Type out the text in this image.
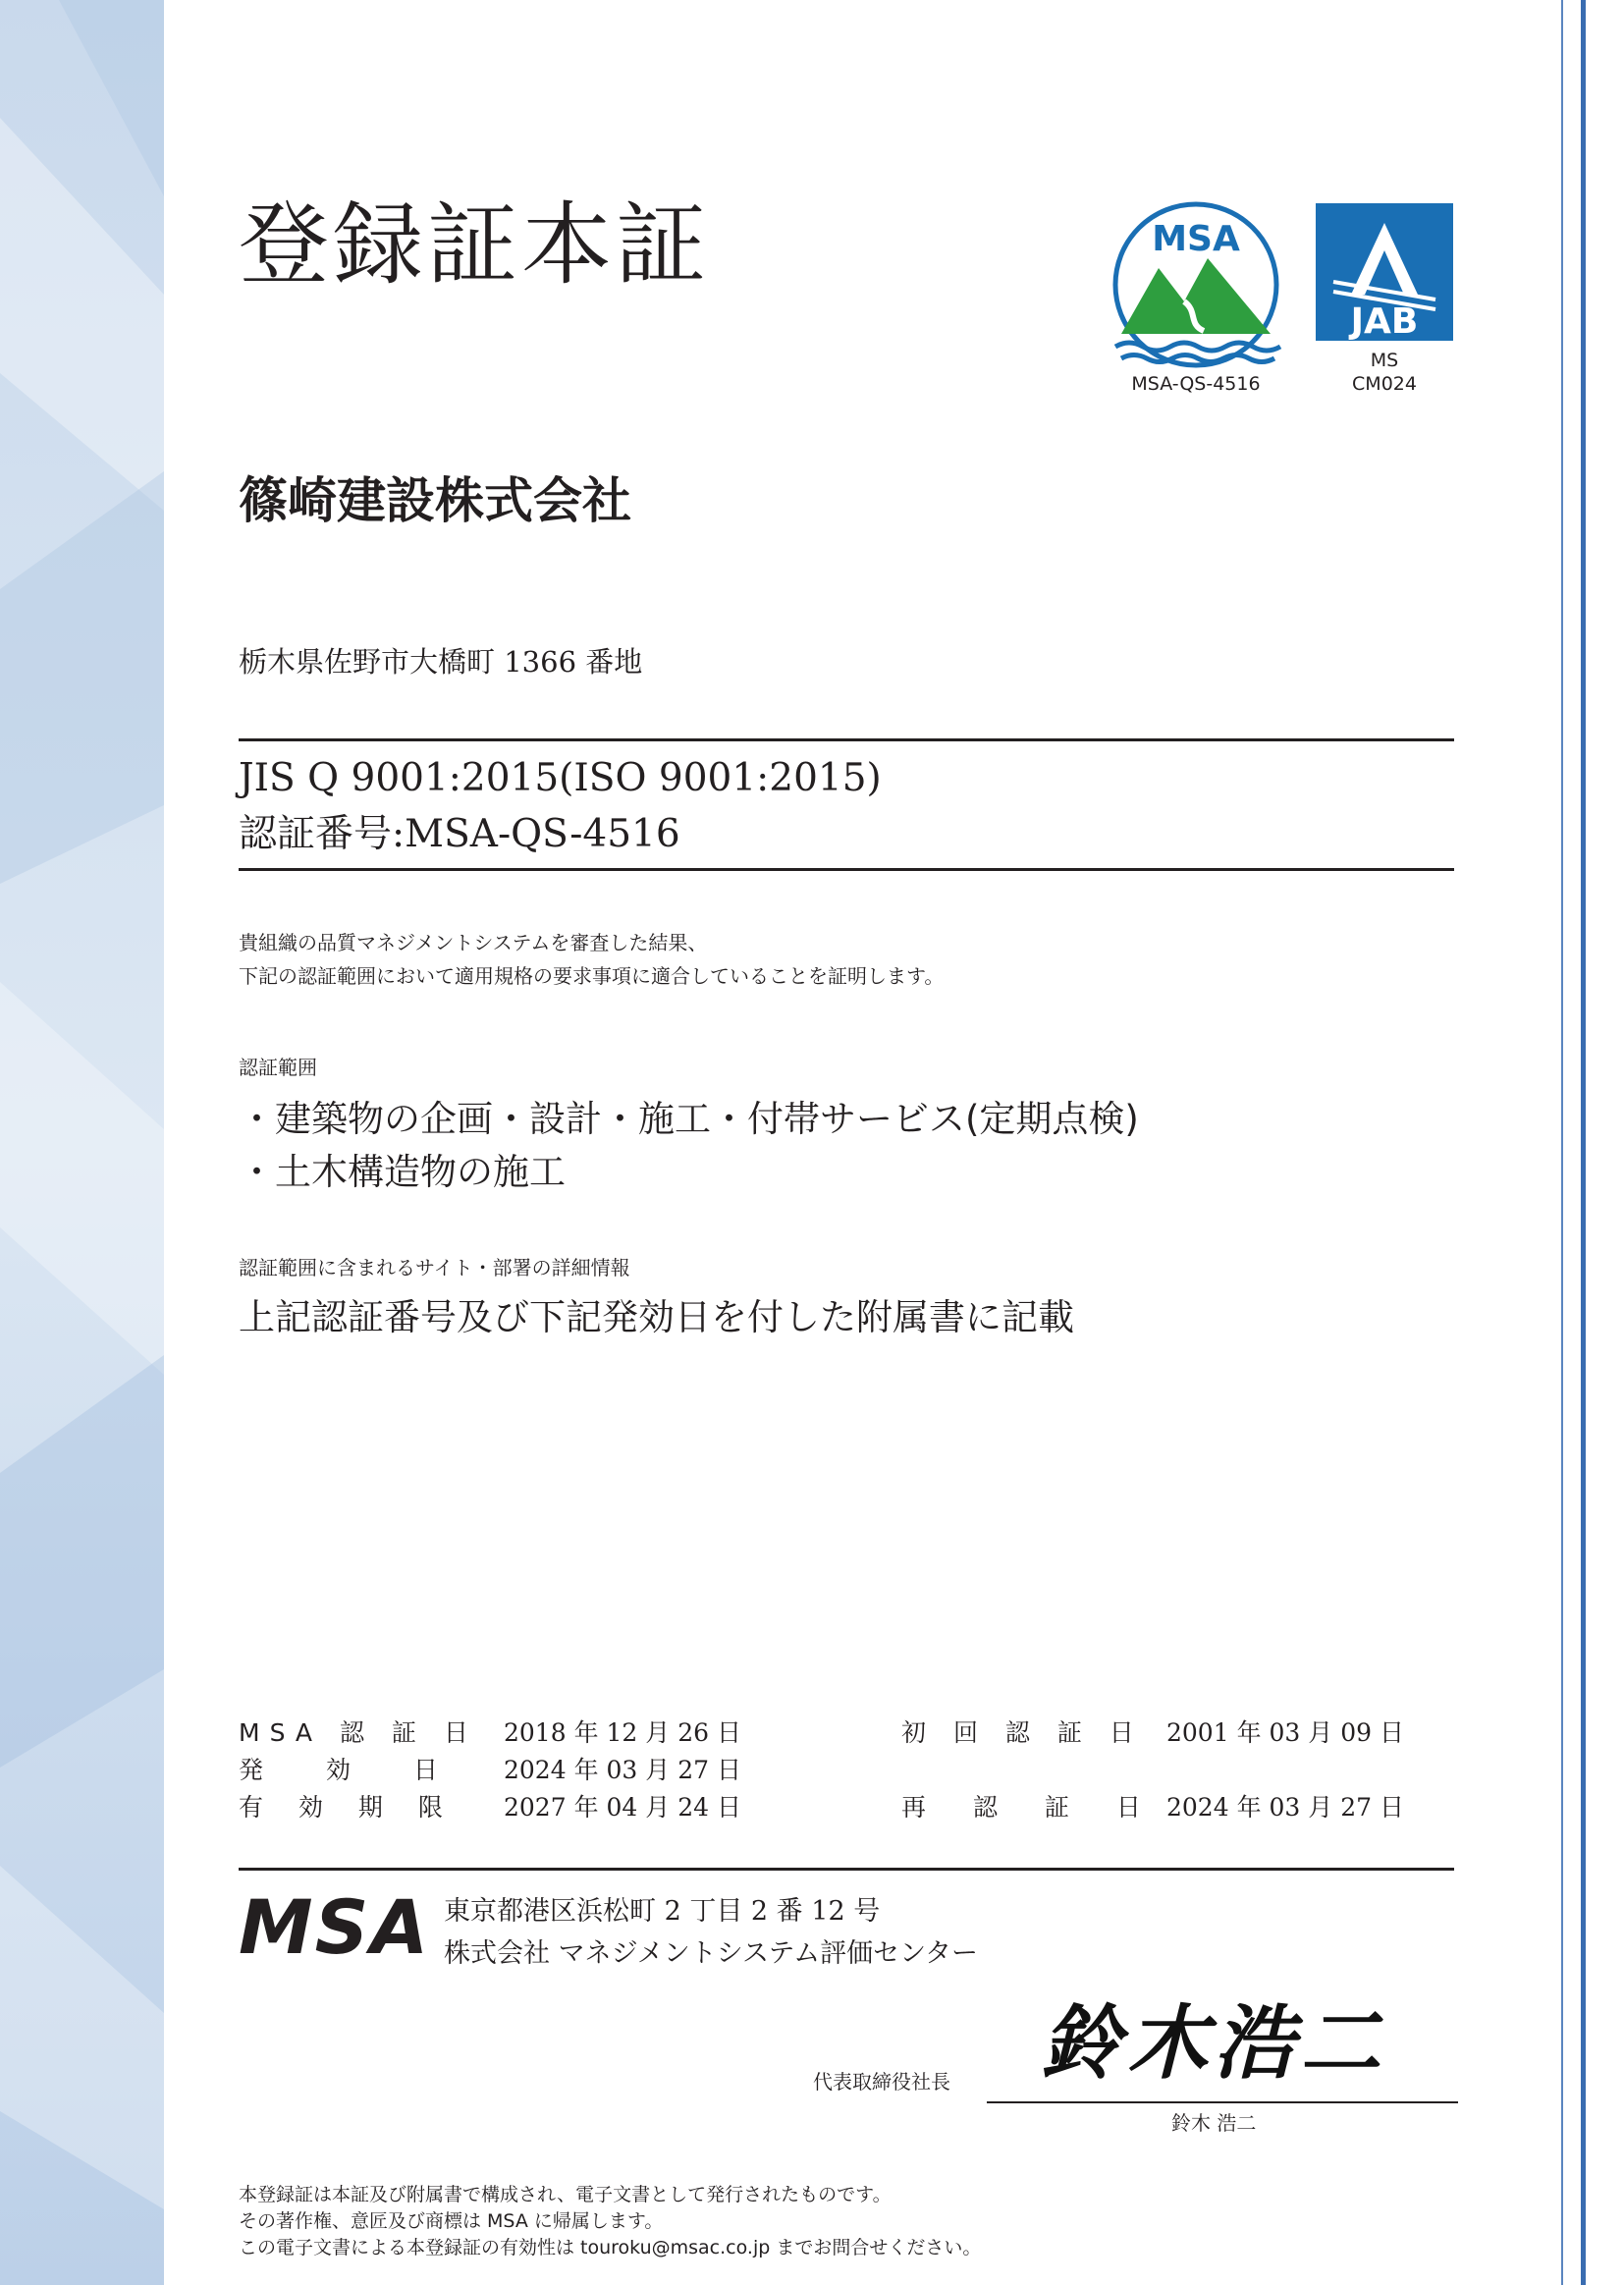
登録証本証	MSA
MSA-QS-4516
JAB
MS
CM024
篠崎建設株式会社
栃木県佐野市大橋町 1366 番地
JIS Q 9001:2015(ISO 9001:2015)
認証番号:MSA-QS-4516
貴組織の品質マネジメントシステムを審査した結果、
下記の認証範囲において適用規格の要求事項に適合していることを証明します。
認証範囲
・建築物の企画・設計・施工・付帯サービス(定期点検)
・土木構造物の施工
認証範囲に含まれるサイト・部署の詳細情報
上記認証番号及び下記発効日を付した附属書に記載
MSA 認 証 日 2018 年 12 月 26 日
発 効 日 2024 年 03 月 27 日
有 効 期 限 2027 年 04 月 24 日
初 回 認 証 日 2001 年 03 月 09 日
再 認 証 日 2024 年 03 月 27 日
MSA 東京都港区浜松町 2 丁目 2 番 12 号
株式会社 マネジメントシステム評価センター
代表取締役社長 鈴木浩二
鈴木 浩二
本登録証は本証及び附属書で構成され、電子文書として発行されたものです。
その著作権、意匠及び商標は MSA に帰属します。
この電子文書による本登録証の有効性は touroku@msac.co.jp までお問合せください。
